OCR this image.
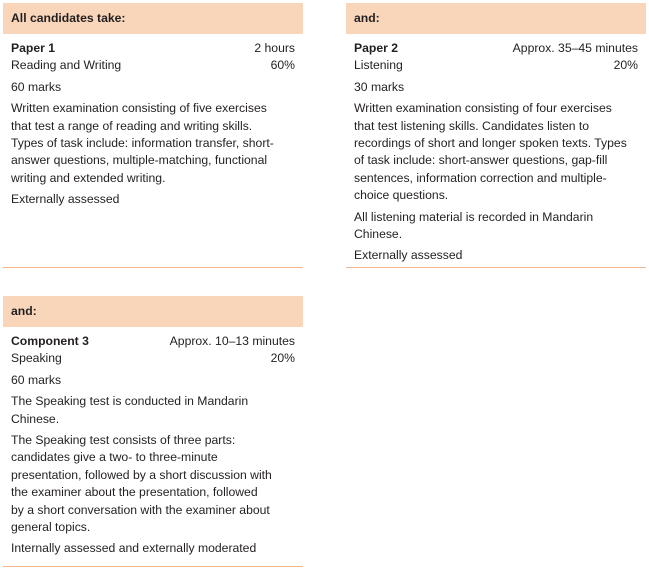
All candidates take:
Paper 1	2 hours
Reading and Writing	60%

60 marks

Written examination consisting of five exercises

that test a range of reading and writing skills.

Types of task include: information transfer, short-

answer questions, multiple-matching, functional

writing and extended writing.

Externally assessed

and:
Paper 2	Approx. 35–45 minutes
Listening	20%

30 marks

Written examination consisting of four exercises

that test listening skills. Candidates listen to

recordings of short and longer spoken texts. Types

of task include: short-answer questions, gap-fill

sentences, information correction and multiple-

choice questions.

All listening material is recorded in Mandarin

Chinese.

Externally assessed

and:
Component 3	Approx. 10–13 minutes
Speaking	20%

60 marks

The Speaking test is conducted in Mandarin

Chinese.

The Speaking test consists of three parts:

candidates give a two- to three-minute

presentation, followed by a short discussion with

the examiner about the presentation, followed

by a short conversation with the examiner about

general topics.

Internally assessed and externally moderated
